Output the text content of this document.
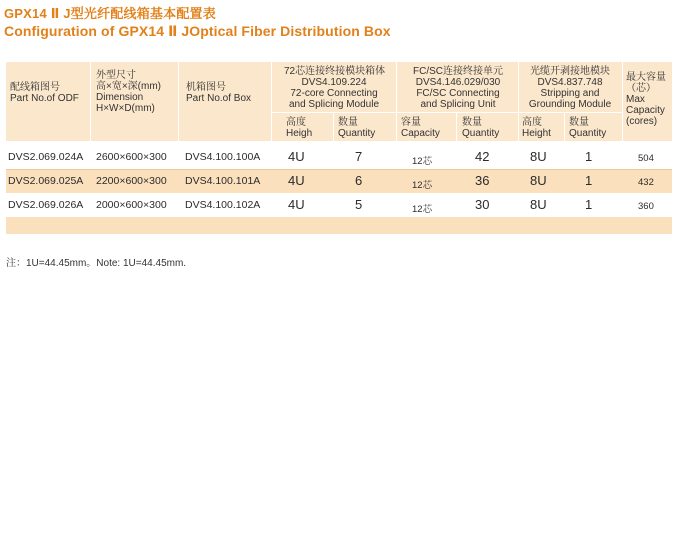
GPX14 Ⅱ J型光纤配线箱基本配置表
Configuration of GPX14 Ⅱ JOptical Fiber Distribution Box
配线箱图号
Part No.of ODF
外型尺寸
高×宽×深(mm)
Dimension
H×W×D(mm)
机箱图号
Part No.of Box
72芯连接终接模块箱体
DVS4.109.224
72-core Connecting
and Splicing Module
高度
Heigh
数量
Quantity
FC/SC连接终接单元
DVS4.146.029/030
FC/SC Connecting
and Splicing Unit
容量
Capacity
数量
Quantity
光缆开剥接地模块
DVS4.837.748
Stripping and
Grounding Module
高度
Height
数量
Quantity
最大容量
（芯）
Max
Capacity
(cores)
DVS2.069.024A 2600×600×300 DVS4.100.100A 4U	7	12芯	42	8U	1	504
DVS2.069.025A 2200×600×300 DVS4.100.101A 4U	6	12芯	36	8U	1	432
DVS2.069.026A 2000×600×300 DVS4.100.102A 4U	5	12芯	30	8U	1	360
注：1U=44.45mm。Note: 1U=44.45mm.
